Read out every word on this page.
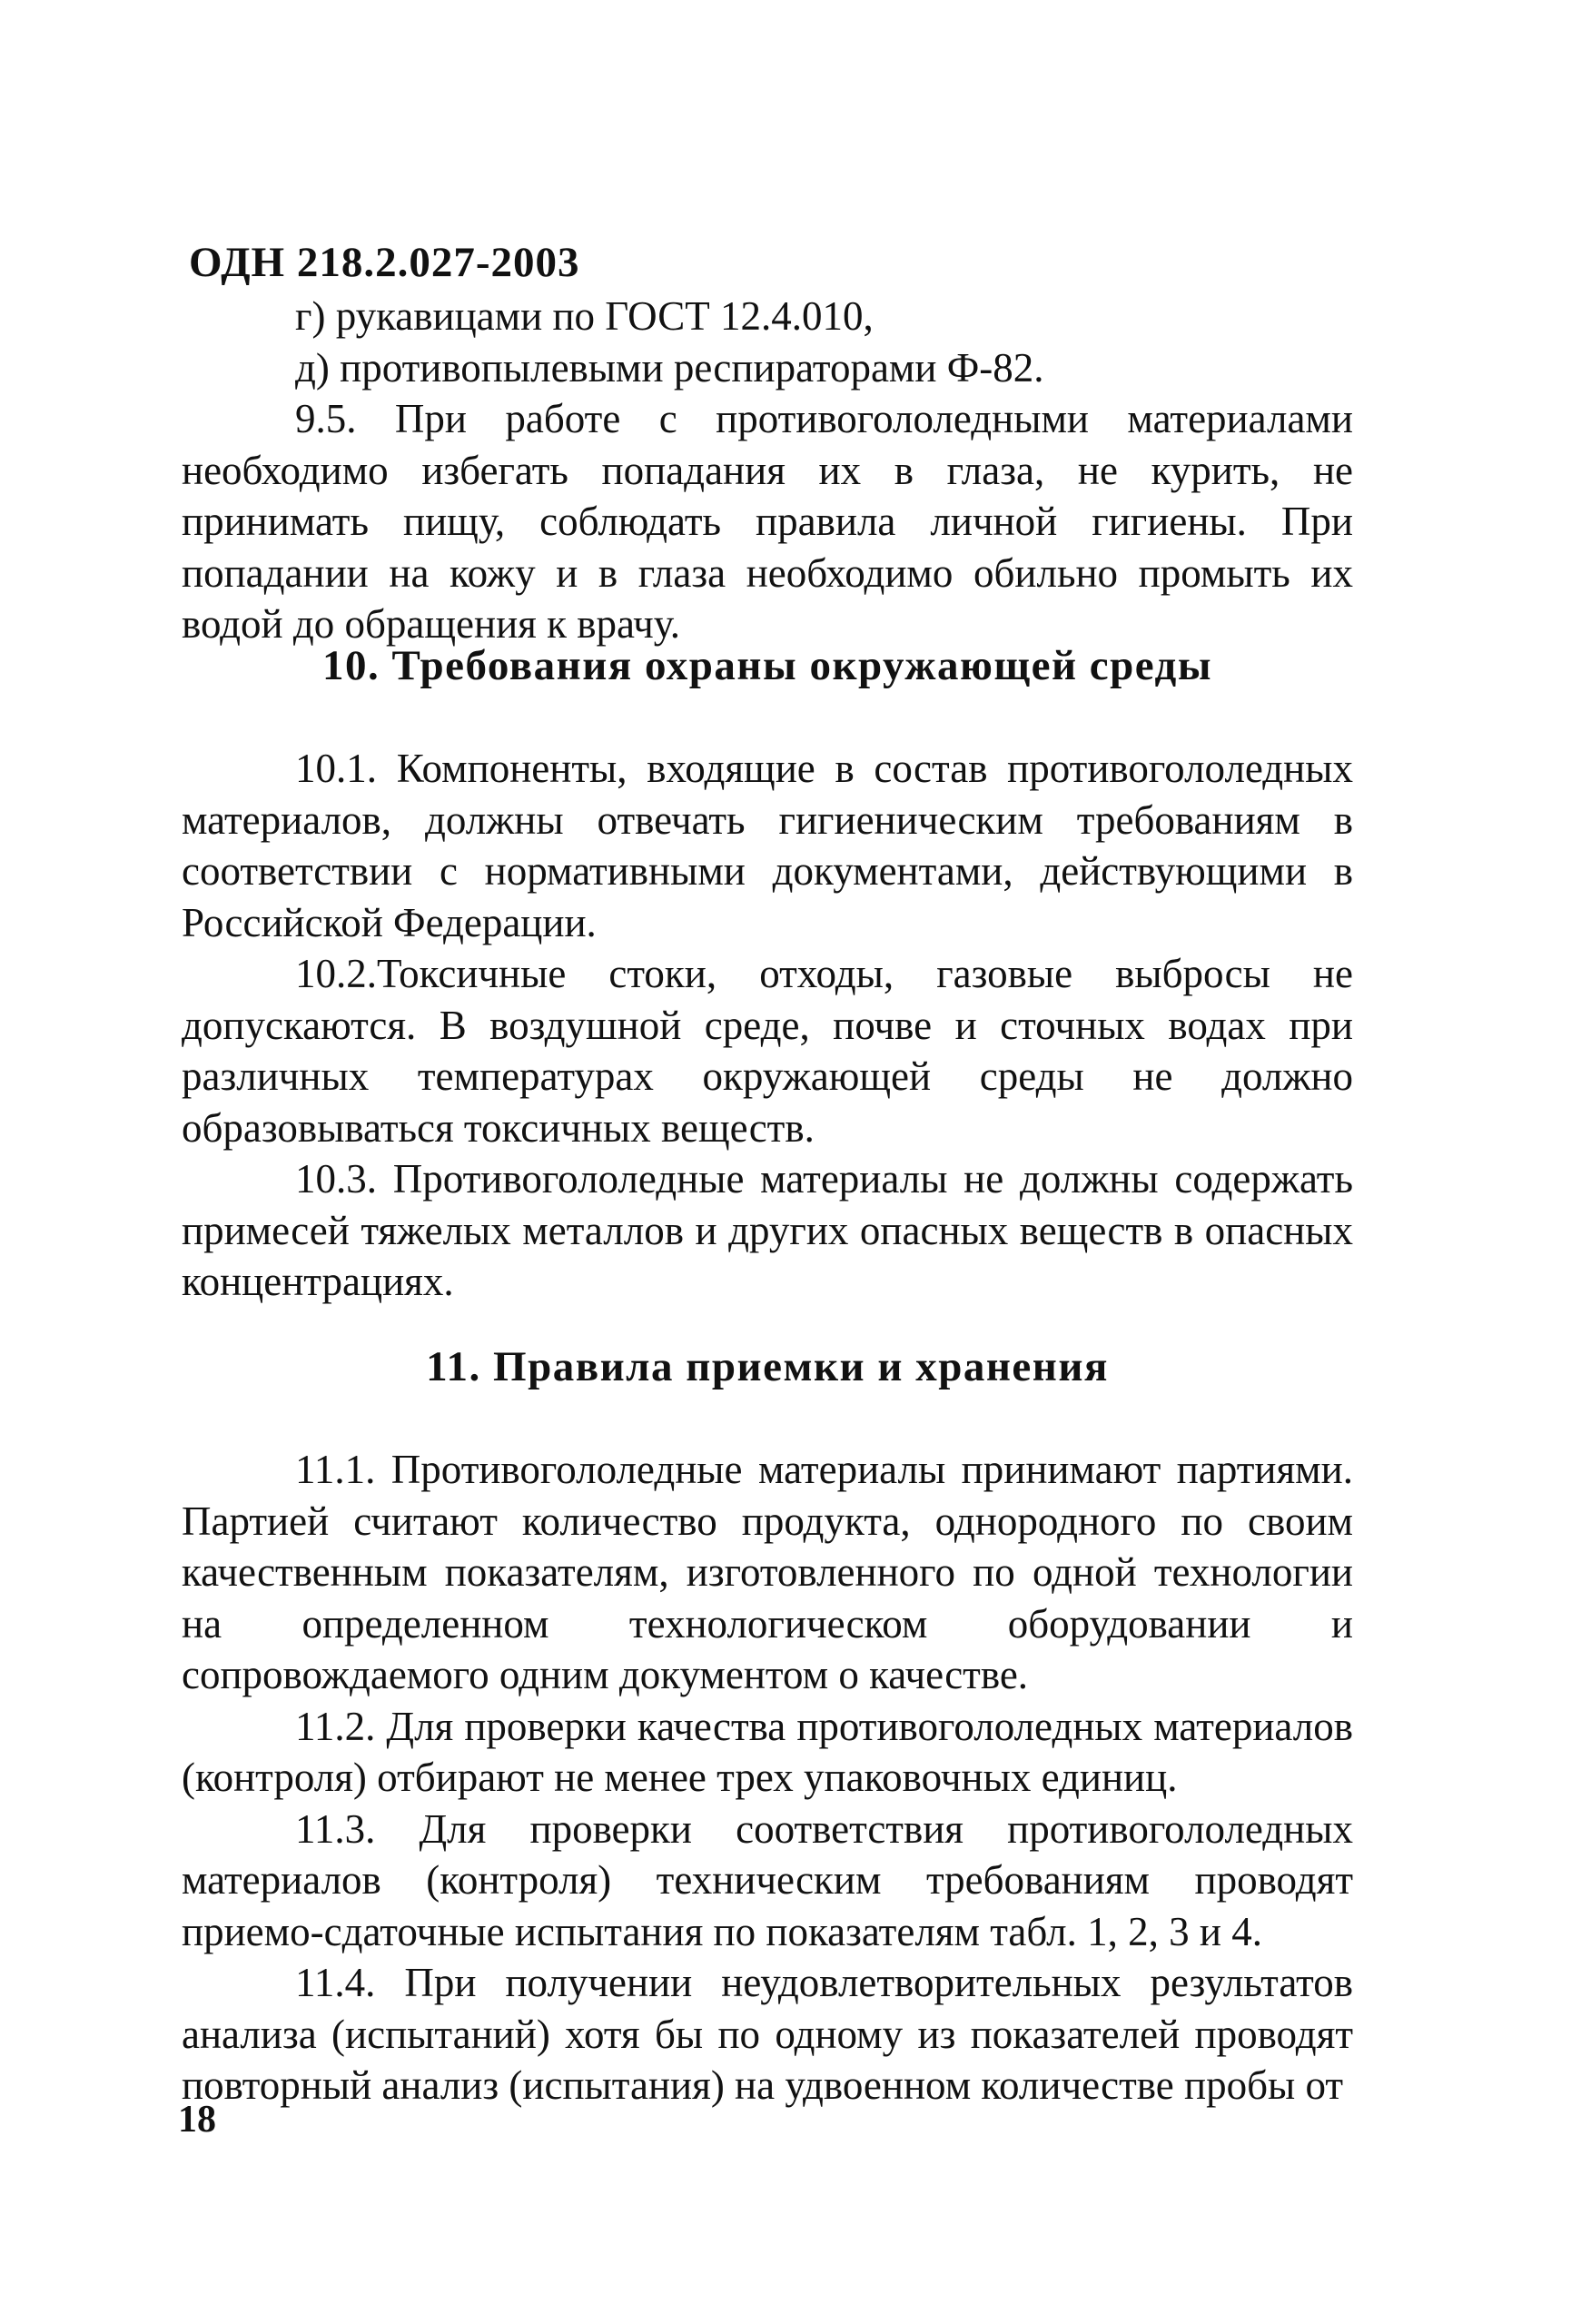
ОДН 218.2.027-2003

г) рукавицами по ГОСТ 12.4.010,

д) противопылевыми респираторами Ф-82.

9.5. При работе с противогололедными материалами необходимо избегать попадания их в глаза, не курить, не принимать пищу, соблюдать правила личной гигиены. При попадании на кожу и в глаза необходимо обильно промыть их водой до обращения к врачу.

10. Требования охраны окружающей среды

10.1. Компоненты, входящие в состав противогололедных материалов, должны отвечать гигиеническим требованиям в соответствии с нормативными документами, действующими в Российской Федерации.

10.2.Токсичные стоки, отходы, газовые выбросы не допускаются. В воздушной среде, почве и сточных водах при различных температурах окружающей среды не должно образовываться токсичных веществ.

10.3. Противогололедные материалы не должны содержать примесей тяжелых металлов и других опасных веществ в опасных концентрациях.

11. Правила приемки и хранения

11.1. Противогололедные материалы принимают партиями. Партией считают количество продукта, однородного по своим качественным показателям, изготовленного по одной технологии на определенном технологическом оборудовании и сопровождаемого одним документом о качестве.

11.2. Для проверки качества противогололедных материалов (контроля) отбирают не менее трех упаковочных единиц.

11.3. Для проверки соответствия противогололедных материалов (контроля) техническим требованиям проводят приемо-сдаточные испытания по показателям табл. 1, 2, 3 и 4.

11.4. При получении неудовлетворительных результатов анализа (испытаний) хотя бы по одному из показателей проводят повторный анализ (испытания) на удвоенном количестве пробы от

18
